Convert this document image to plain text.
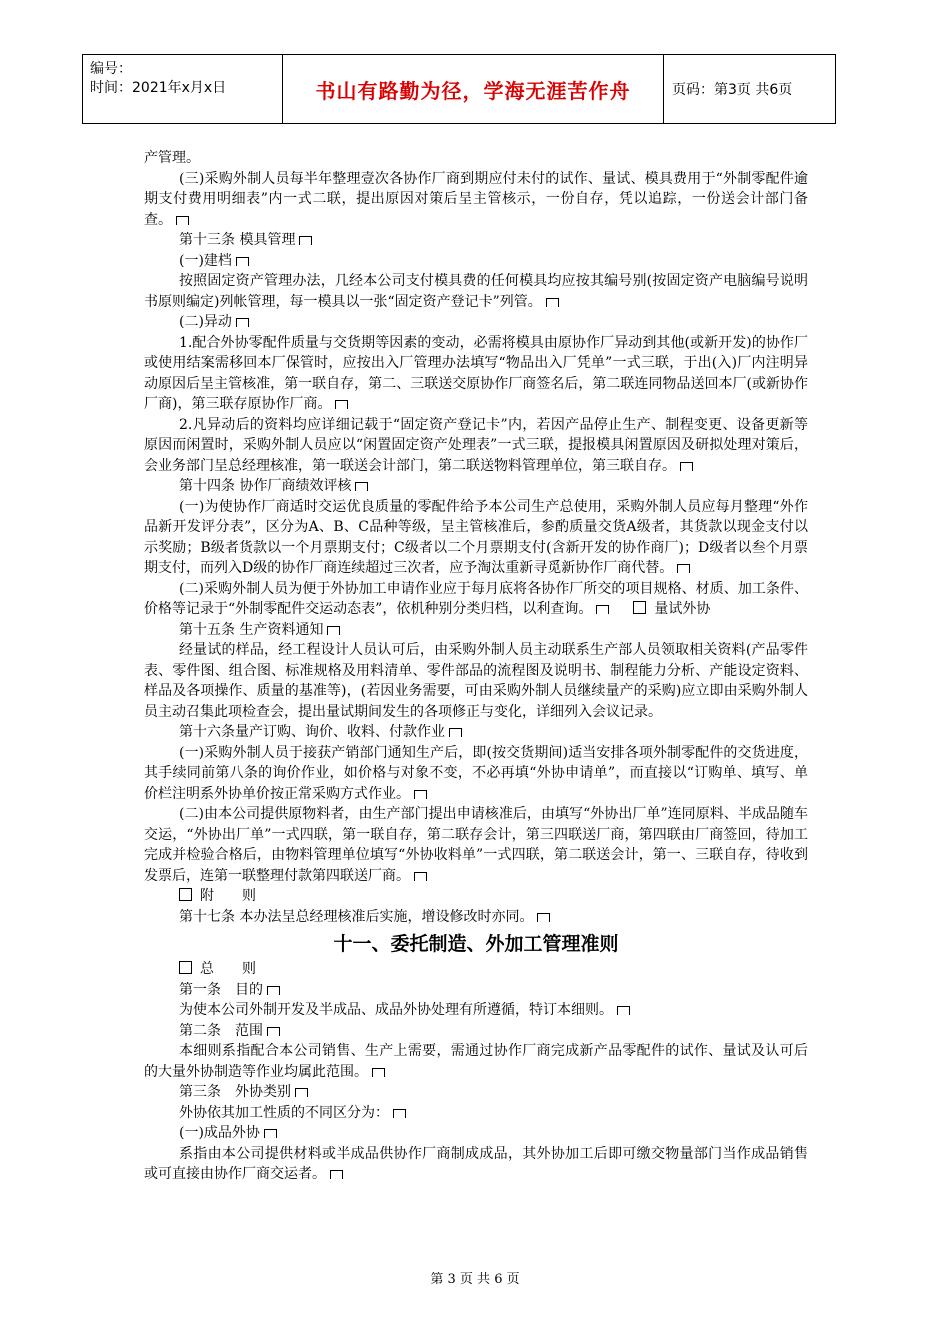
编号：
时间：2021年x月x日	书山有路勤为径，学海无涯苦作舟	页码：第3页 共6页

产管理。

(三)采购外制人员每半年整理壹次各协作厂商到期应付未付的试作、量试、模具费用于“外制零配件逾期支付费用明细表”内一式二联，提出原因对策后呈主管核示，一份自存，凭以追踪，一份送会计部门备查。

第十三条 模具管理

(一)建档

按照固定资产管理办法，几经本公司支付模具费的任何模具均应按其编号别(按固定资产电脑编号说明书原则编定)列帐管理，每一模具以一张“固定资产登记卡”列管。

(二)异动

1.配合外协零配件质量与交货期等因素的变动，必需将模具由原协作厂异动到其他(或新开发)的协作厂或使用结案需移回本厂保管时，应按出入厂管理办法填写“物品出入厂凭单”一式三联，于出(入)厂内注明异动原因后呈主管核准，第一联自存，第二、三联送交原协作厂商签名后，第二联连同物品送回本厂(或新协作厂商)，第三联存原协作厂商。

2.凡异动后的资料均应详细记载于“固定资产登记卡”内，若因产品停止生产、制程变更、设备更新等原因而闲置时，采购外制人员应以“闲置固定资产处理表”一式三联，提报模具闲置原因及研拟处理对策后，会业务部门呈总经理核准，第一联送会计部门，第二联送物料管理单位，第三联自存。

第十四条 协作厂商绩效评核

(一)为使协作厂商适时交运优良质量的零配件给予本公司生产总使用，采购外制人员应每月整理“外作品新开发评分表”，区分为A、B、C品种等级，呈主管核准后，参酌质量交货A级者，其货款以现金支付以示奖励；B级者货款以一个月票期支付；C级者以二个月票期支付(含新开发的协作商厂)；D级者以叁个月票期支付，而列入D级的协作厂商连续超过三次者，应予淘汰重新寻觅新协作厂商代替。

(二)采购外制人员为便于外协加工申请作业应于每月底将各协作厂所交的项目规格、材质、加工条件、价格等记录于“外制零配件交运动态表”，依机种别分类归档，以利查询。	量试外协

第十五条 生产资料通知

经量试的样品，经工程设计人员认可后，由采购外制人员主动联系生产部人员领取相关资料(产品零件表、零件图、组合图、标准规格及用料清单、零件部品的流程图及说明书、制程能力分析、产能设定资料、样品及各项操作、质量的基准等)，(若因业务需要，可由采购外制人员继续量产的采购)应立即由采购外制人员主动召集此项检查会，提出量试期间发生的各项修正与变化，详细列入会议记录。

第十六条量产订购、询价、收料、付款作业

(一)采购外制人员于接获产销部门通知生产后，即(按交货期间)适当安排各项外制零配件的交货进度，其手续同前第八条的询价作业，如价格与对象不变，不必再填“外协申请单”，而直接以“订购单、填写、单价栏注明系外协单价按正常采购方式作业。

(二)由本公司提供原物料者，由生产部门提出申请核准后，由填写“外协出厂单”连同原料、半成品随车交运，“外协出厂单”一式四联，第一联自存，第二联存会计，第三四联送厂商，第四联由厂商签回，待加工完成并检验合格后，由物料管理单位填写“外协收料单”一式四联，第二联送会计，第一、三联自存，待收到发票后，连第一联整理付款第四联送厂商。

附　　则

第十七条 本办法呈总经理核准后实施，增设修改时亦同。

十一、委托制造、外加工管理准则

总　　则

第一条　目的

为使本公司外制开发及半成品、成品外协处理有所遵循，特订本细则。

第二条　范围

本细则系指配合本公司销售、生产上需要，需通过协作厂商完成新产品零配件的试作、量试及认可后的大量外协制造等作业均属此范围。

第三条　外协类别

外协依其加工性质的不同区分为：

(一)成品外协

系指由本公司提供材料或半成品供协作厂商制成成品，其外协加工后即可缴交物量部门当作成品销售或可直接由协作厂商交运者。

第 3 页 共 6 页
